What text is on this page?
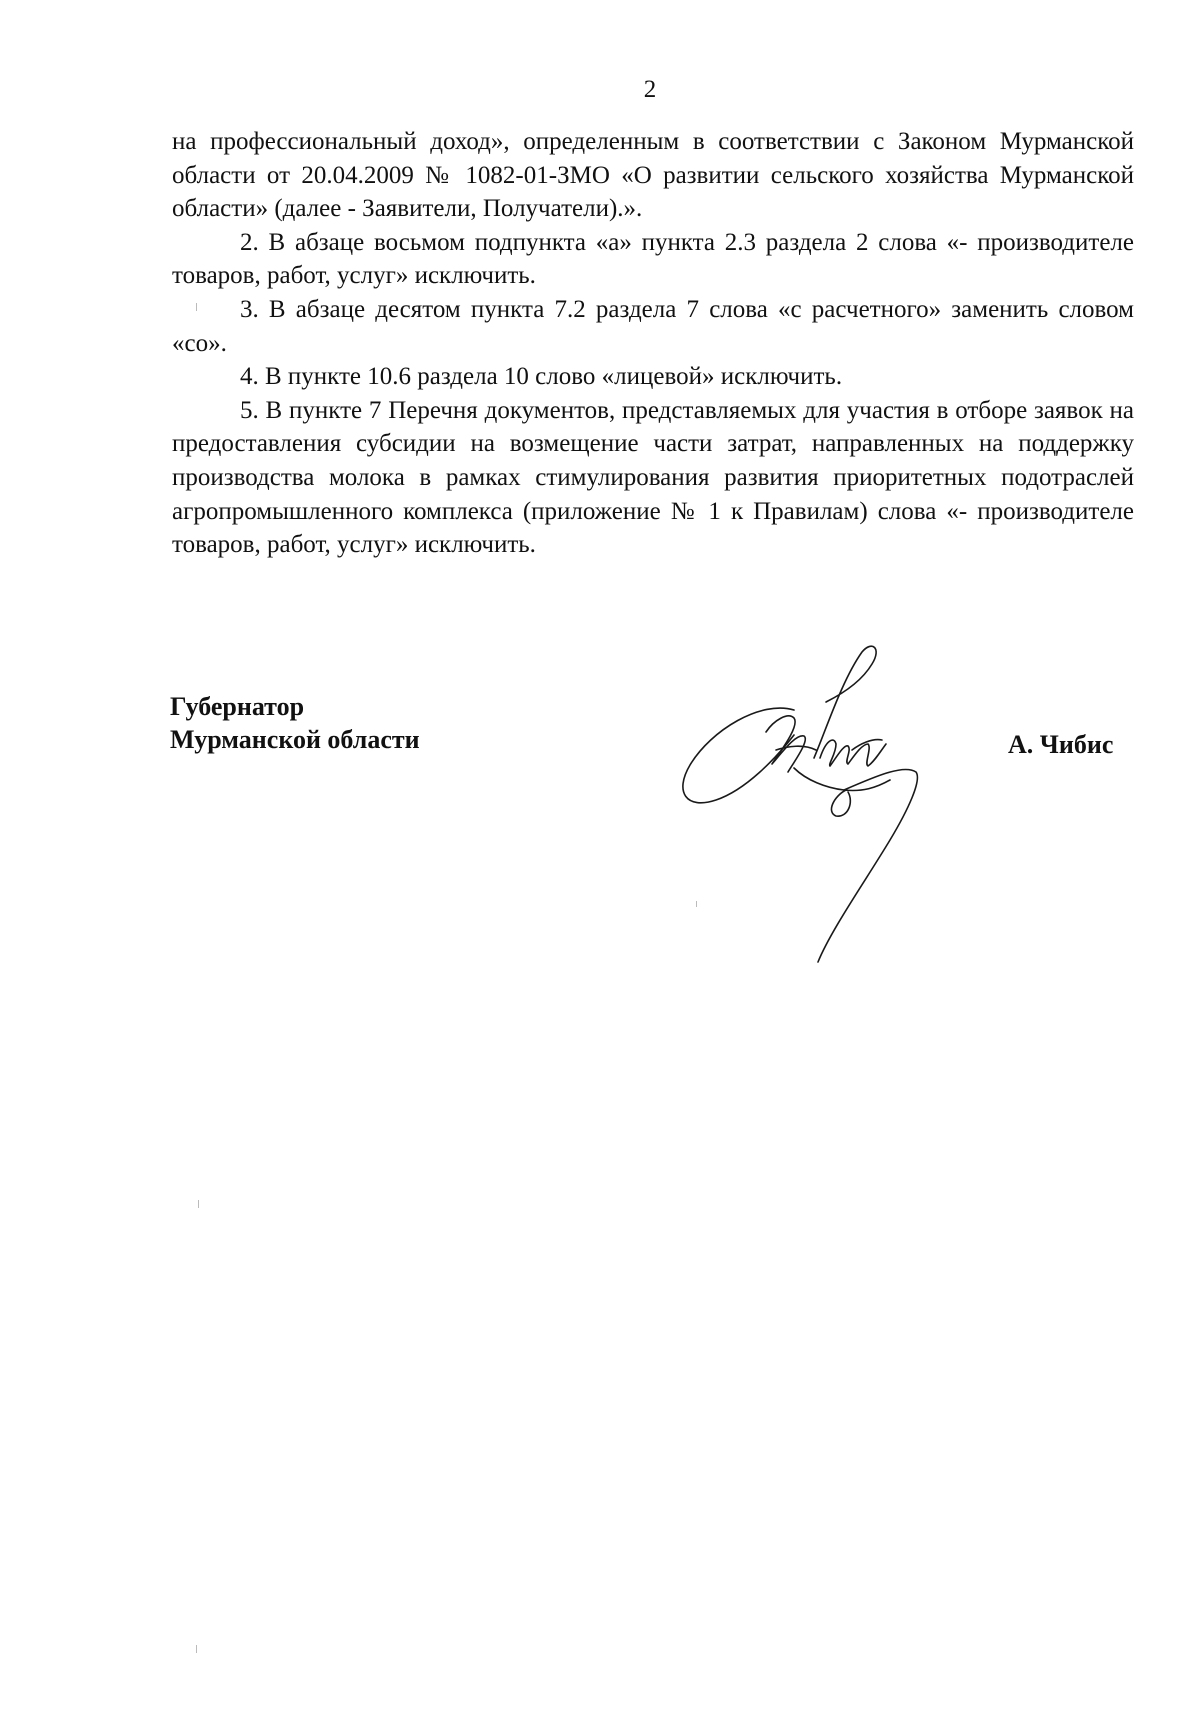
2

на профессиональный доход», определенным в соответствии с Законом Мурманской области от 20.04.2009 № 1082-01-ЗМО «О развитии сельского хозяйства Мурманской области» (далее - Заявители, Получатели).».

2. В абзаце восьмом подпункта «а» пункта 2.3 раздела 2 слова «- производителе товаров, работ, услуг» исключить.

3. В абзаце десятом пункта 7.2 раздела 7 слова «с расчетного» заменить словом «со».

4. В пункте 10.6 раздела 10 слово «лицевой» исключить.

5. В пункте 7 Перечня документов, представляемых для участия в отборе заявок на предоставления субсидии на возмещение части затрат, направленных на поддержку производства молока в рамках стимулирования развития приоритетных подотраслей агропромышленного комплекса (приложение № 1 к Правилам) слова «- производителе товаров, работ, услуг» исключить.

Губернатор
Мурманской области	А. Чибис
